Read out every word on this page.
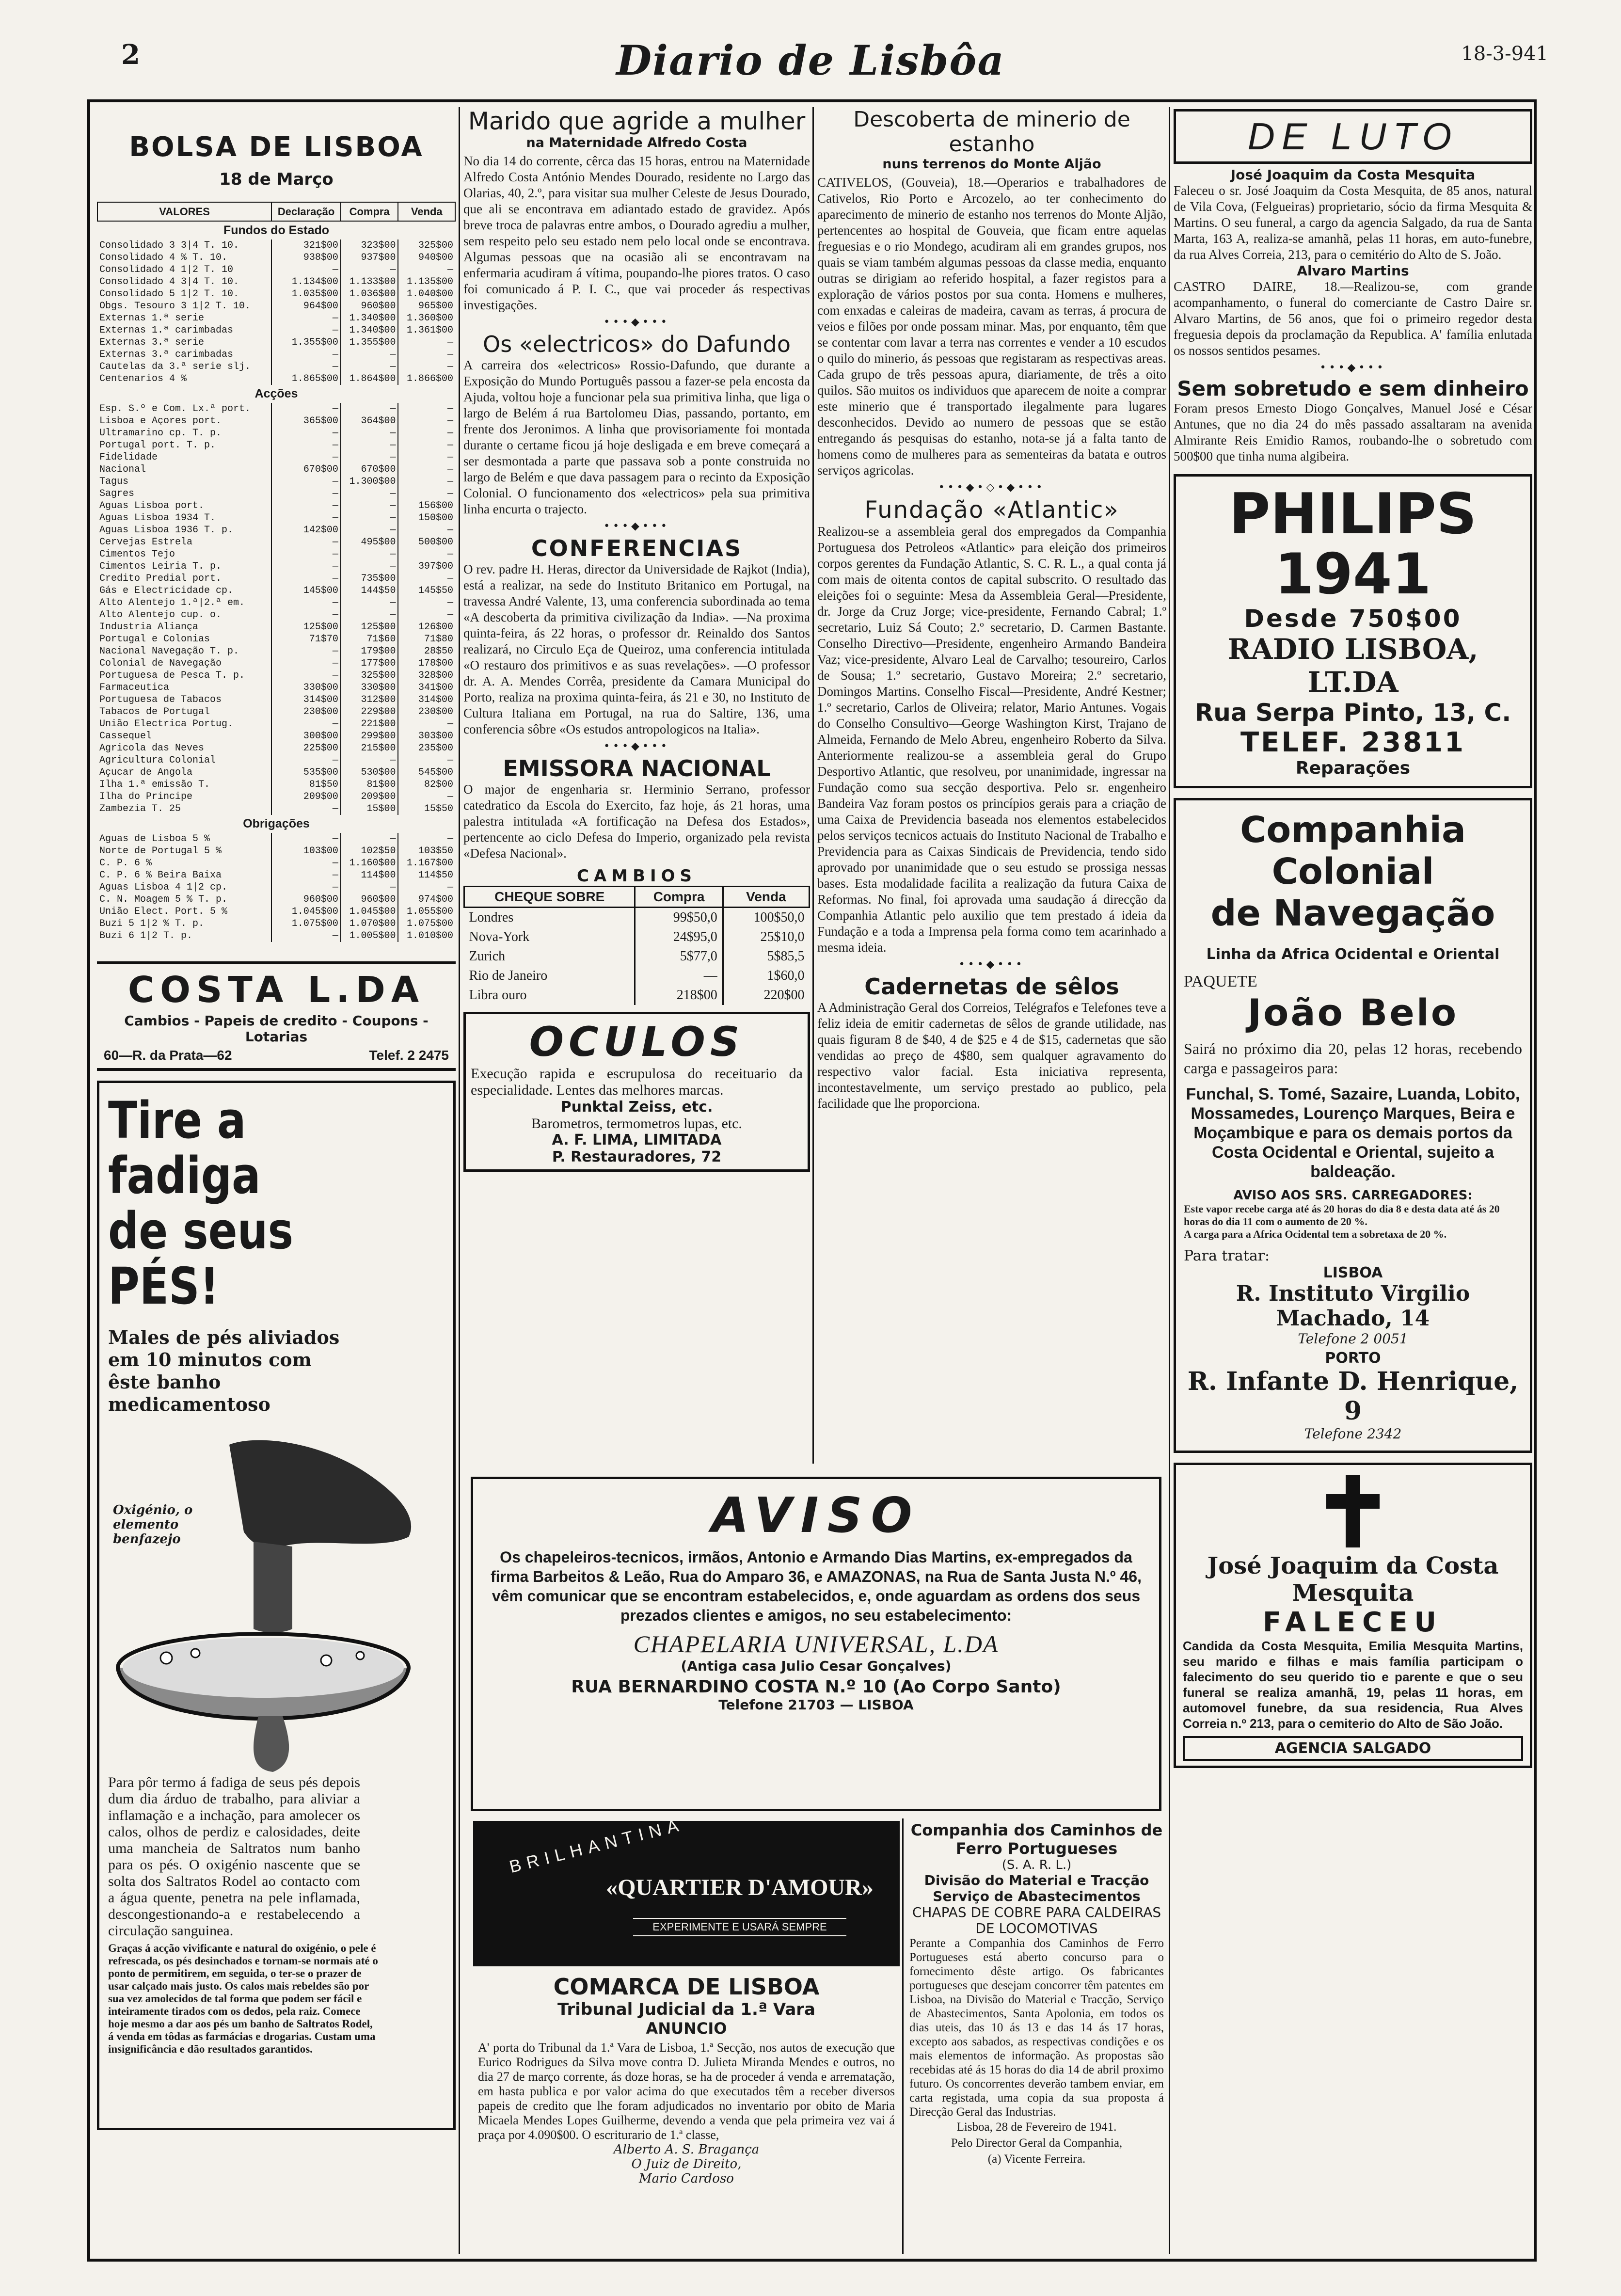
2	Diario de Lisbôa	18-3-941
BOLSA DE LISBOA
18 de Março
VALORES	Declaração	Compra	Venda
Fundos do Estado			
Consolidado 3 3|4 T. 10.	321$00	323$00	325$00
Consolidado 4 % T. 10.	938$00	937$00	940$00
Consolidado 4 1|2 T. 10	—	—	—
Consolidado 4 3|4 T. 10.	1.134$00	1.133$00	1.135$00
Consolidado 5 1|2 T. 10.	1.035$00	1.036$00	1.040$00
Obgs. Tesouro 3 1|2 T. 10.	964$00	960$00	965$00
Externas 1.ª serie	—	1.340$00	1.360$00
Externas 1.ª carimbadas	—	1.340$00	1.361$00
Externas 3.ª serie	1.355$00	1.355$00	—
Externas 3.ª carimbadas	—	—	—
Cautelas da 3.ª serie slj.	—	—	—
Centenarios 4 %	1.865$00	1.864$00	1.866$00
Acções			
Esp. S.º e Com. Lx.ª port.	—	—	—
Lisboa e Açores port.	365$00	364$00	—
Ultramarino cp. T. p.	—	—	—
Portugal port. T. p.	—	—	—
Fidelidade	—	—	—
Nacional	670$00	670$00	—
Tagus	—	1.300$00	—
Sagres	—	—	—
Aguas Lisboa port.	—	—	156$00
Aguas Lisboa 1934 T.	—	—	150$00
Aguas Lisboa 1936 T. p.	142$00	—	—
Cervejas Estrela	—	495$00	500$00
Cimentos Tejo	—	—	—
Cimentos Leiria T. p.	—	—	397$00
Credito Predial port.	—	735$00	—
Gás e Electricidade cp.	145$00	144$50	145$50
Alto Alentejo 1.ª|2.ª em.	—	—	—
Alto Alentejo cup. o.	—	—	—
Industria Aliança	125$00	125$00	126$00
Portugal e Colonias	71$70	71$60	71$80
Nacional Navegação T. p.	—	179$00	28$50
Colonial de Navegação	—	177$00	178$00
Portuguesa de Pesca T. p.	—	325$00	328$00
Farmaceutica	330$00	330$00	341$00
Portuguesa de Tabacos	314$00	312$00	314$00
Tabacos de Portugal	230$00	229$00	230$00
União Electrica Portug.	—	221$00	—
Cassequel	300$00	299$00	303$00
Agricola das Neves	225$00	215$00	235$00
Agricultura Colonial	—	—	—
Açucar de Angola	535$00	530$00	545$00
Ilha 1.ª emissão T.	81$50	81$00	82$00
Ilha do Principe	209$00	209$00	—
Zambezia T. 25	—	15$00	15$50
Obrigações			
Aguas de Lisboa 5 %	—	—	—
Norte de Portugal 5 %	103$00	102$50	103$50
C. P. 6 %	—	1.160$00	1.167$00
C. P. 6 % Beira Baixa	—	114$00	114$50
Aguas Lisboa 4 1|2 cp.	—	—	—
C. N. Moagem 5 % T. p.	960$00	960$00	974$00
União Elect. Port. 5 %	1.045$00	1.045$00	1.055$00
Buzi 5 1|2 % T. p.	1.075$00	1.070$00	1.075$00
Buzi 6 1|2 T. p.	—	1.005$00	1.010$00
COSTA L.DA
Cambios - Papeis de credito - Coupons - Lotarias
60—R. da Prata—62	Telef. 2 2475
Tire a fadiga
de seus PÉS!
Males de pés aliviados em 10 minutos com êste banho medicamentoso
Oxigénio, o elemento benfazejo
Para pôr termo á fadiga de seus pés depois dum dia árduo de trabalho, para aliviar a inflamação e a inchação, para amolecer os calos, olhos de perdiz e calosidades, deite uma mancheia de Saltratos num banho para os pés. O oxigénio nascente que se solta dos Saltratos Rodel ao contacto com a água quente, penetra na pele inflamada, descongestionando-a e restabelecendo a circulação sanguinea.
Graças á acção vivificante e natural do oxigénio, o pele é refrescada, os pés desinchados e tornam-se normais até o ponto de permitirem, em seguida, o ter-se o prazer de usar calçado mais justo. Os calos mais rebeldes são por sua vez amolecidos de tal forma que podem ser fácil e inteiramente tirados com os dedos, pela raiz. Comece hoje mesmo a dar aos pés um banho de Saltratos Rodel, á venda em tôdas as farmácias e drogarias. Custam uma insignificância e dão resultados garantidos.
Marido que agride a mulher
na Maternidade Alfredo Costa
No dia 14 do corrente, cêrca das 15 horas, entrou na Maternidade Alfredo Costa António Mendes Dourado, residente no Largo das Olarias, 40, 2.º, para visitar sua mulher Celeste de Jesus Dourado, que ali se encontrava em adiantado estado de gravidez. Após breve troca de palavras entre ambos, o Dourado agrediu a mulher, sem respeito pelo seu estado nem pelo local onde se encontrava. Algumas pessoas que na ocasião ali se encontravam na enfermaria acudiram á vítima, poupando-lhe piores tratos. O caso foi comunicado á P. I. C., que vai proceder ás respectivas investigações.
•••◆•••
Os «electricos» do Dafundo
A carreira dos «electricos» Rossio-Dafundo, que durante a Exposição do Mundo Português passou a fazer-se pela encosta da Ajuda, voltou hoje a funcionar pela sua primitiva linha, que liga o largo de Belém á rua Bartolomeu Dias, passando, portanto, em frente dos Jeronimos. A linha que provisoriamente foi montada durante o certame ficou já hoje desligada e em breve começará a ser desmontada a parte que passava sob a ponte construida no largo de Belém e que dava passagem para o recinto da Exposição Colonial. O funcionamento dos «electricos» pela sua primitiva linha encurta o trajecto.
•••◆•••
CONFERENCIAS
O rev. padre H. Heras, director da Universidade de Rajkot (India), está a realizar, na sede do Instituto Britanico em Portugal, na travessa André Valente, 13, uma conferencia subordinada ao tema «A descoberta da primitiva civilização da India». —Na proxima quinta-feira, ás 22 horas, o professor dr. Reinaldo dos Santos realizará, no Circulo Eça de Queiroz, uma conferencia intitulada «O restauro dos primitivos e as suas revelações». —O professor dr. A. A. Mendes Corrêa, presidente da Camara Municipal do Porto, realiza na proxima quinta-feira, ás 21 e 30, no Instituto de Cultura Italiana em Portugal, na rua do Saltire, 136, uma conferencia sôbre «Os estudos antropologicos na Italia».
•••◆•••
EMISSORA NACIONAL
O major de engenharia sr. Herminio Serrano, professor catedratico da Escola do Exercito, faz hoje, ás 21 horas, uma palestra intitulada «A fortificação na Defesa dos Estados», pertencente ao ciclo Defesa do Imperio, organizado pela revista «Defesa Nacional».
CAMBIOS
CHEQUE SOBRE	Compra	Venda
Londres	99$50,0	100$50,0
Nova-York	24$95,0	25$10,0
Zurich	5$77,0	5$85,5
Rio de Janeiro	—	1$60,0
Libra ouro	218$00	220$00
OCULOS
Execução rapida e escrupulosa do receituario da especialidade. Lentes das melhores marcas.
Punktal Zeiss, etc.
Barometros, termometros lupas, etc.
A. F. LIMA, LIMITADA
P. Restauradores, 72
Descoberta de minerio de estanho
nuns terrenos do Monte Aljão
CATIVELOS, (Gouveia), 18.—Operarios e trabalhadores de Cativelos, Rio Porto e Arcozelo, ao ter conhecimento do aparecimento de minerio de estanho nos terrenos do Monte Aljão, pertencentes ao hospital de Gouveia, que ficam entre aquelas freguesias e o rio Mondego, acudiram ali em grandes grupos, nos quais se viam também algumas pessoas da classe media, enquanto outras se dirigiam ao referido hospital, a fazer registos para a exploração de vários postos por sua conta. Homens e mulheres, com enxadas e caleiras de madeira, cavam as terras, á procura de veios e filões por onde possam minar. Mas, por enquanto, têm que se contentar com lavar a terra nas correntes e vender a 10 escudos o quilo do minerio, ás pessoas que registaram as respectivas areas. Cada grupo de três pessoas apura, diariamente, de três a oito quilos. São muitos os individuos que aparecem de noite a comprar este minerio que é transportado ilegalmente para lugares desconhecidos. Devido ao numero de pessoas que se estão entregando ás pesquisas do estanho, nota-se já a falta tanto de homens como de mulheres para as sementeiras da batata e outros serviços agricolas.
•••◆•◇•◆•••
Fundação «Atlantic»
Realizou-se a assembleia geral dos empregados da Companhia Portuguesa dos Petroleos «Atlantic» para eleição dos primeiros corpos gerentes da Fundação Atlantic, S. C. R. L., a qual conta já com mais de oitenta contos de capital subscrito. O resultado das eleições foi o seguinte: Mesa da Assembleia Geral—Presidente, dr. Jorge da Cruz Jorge; vice-presidente, Fernando Cabral; 1.º secretario, Luiz Sá Couto; 2.º secretario, D. Carmen Bastante. Conselho Directivo—Presidente, engenheiro Armando Bandeira Vaz; vice-presidente, Alvaro Leal de Carvalho; tesoureiro, Carlos de Sousa; 1.º secretario, Gustavo Moreira; 2.º secretario, Domingos Martins. Conselho Fiscal—Presidente, André Kestner; 1.º secretario, Carlos de Oliveira; relator, Mario Antunes. Vogais do Conselho Consultivo—George Washington Kirst, Trajano de Almeida, Fernando de Melo Abreu, engenheiro Roberto da Silva. Anteriormente realizou-se a assembleia geral do Grupo Desportivo Atlantic, que resolveu, por unanimidade, ingressar na Fundação como sua secção desportiva. Pelo sr. engenheiro Bandeira Vaz foram postos os princípios gerais para a criação de uma Caixa de Previdencia baseada nos elementos estabelecidos pelos serviços tecnicos actuais do Instituto Nacional de Trabalho e Previdencia para as Caixas Sindicais de Previdencia, tendo sido aprovado por unanimidade que o seu estudo se prossiga nessas bases. Esta modalidade facilita a realização da futura Caixa de Reformas. No final, foi aprovada uma saudação á direcção da Companhia Atlantic pelo auxilio que tem prestado á ideia da Fundação e a toda a Imprensa pela forma como tem acarinhado a mesma ideia.
•••◆•••
Cadernetas de sêlos
A Administração Geral dos Correios, Telégrafos e Telefones teve a feliz ideia de emitir cadernetas de sêlos de grande utilidade, nas quais figuram 8 de $40, 4 de $25 e 4 de $15, cadernetas que são vendidas ao preço de 4$80, sem qualquer agravamento do respectivo valor facial. Esta iniciativa representa, incontestavelmente, um serviço prestado ao publico, pela facilidade que lhe proporciona.
AVISO
Os chapeleiros-tecnicos, irmãos, Antonio e Armando Dias Martins, ex-empregados da firma Barbeitos & Leão, Rua do Amparo 36, e AMAZONAS, na Rua de Santa Justa N.º 46, vêm comunicar que se encontram estabelecidos, e, onde aguardam as ordens dos seus prezados clientes e amigos, no seu estabelecimento:
CHAPELARIA UNIVERSAL, L.DA
(Antiga casa Julio Cesar Gonçalves)
RUA BERNARDINO COSTA N.º 10 (Ao Corpo Santo)
Telefone 21703 — LISBOA
BRILHANTINA
«QUARTIER D'AMOUR»
EXPERIMENTE E USARÁ SEMPRE
COMARCA DE LISBOA
Tribunal Judicial da 1.ª Vara
ANUNCIO
A' porta do Tribunal da 1.ª Vara de Lisboa, 1.ª Secção, nos autos de execução que Eurico Rodrigues da Silva move contra D. Julieta Miranda Mendes e outros, no dia 27 de março corrente, ás doze horas, se ha de proceder á venda e arrematação, em hasta publica e por valor acima do que executados têm a receber diversos papeis de credito que lhe foram adjudicados no inventario por obito de Maria Micaela Mendes Lopes Guilherme, devendo a venda que pela primeira vez vai á praça por 4.090$00. O escriturario de 1.ª classe,
Alberto A. S. Bragança
O Juiz de Direito,
Mario Cardoso
Companhia dos Caminhos de Ferro Portugueses
(S. A. R. L.)
Divisão do Material e Tracção Serviço de Abastecimentos
CHAPAS DE COBRE PARA CALDEIRAS DE LOCOMOTIVAS
Perante a Companhia dos Caminhos de Ferro Portugueses está aberto concurso para o fornecimento dêste artigo. Os fabricantes portugueses que desejam concorrer têm patentes em Lisboa, na Divisão do Material e Tracção, Serviço de Abastecimentos, Santa Apolonia, em todos os dias uteis, das 10 ás 13 e das 14 ás 17 horas, excepto aos sabados, as respectivas condições e os mais elementos de informação. As propostas são recebidas até ás 15 horas do dia 14 de abril proximo futuro. Os concorrentes deverão tambem enviar, em carta registada, uma copia da sua proposta á Direcção Geral das Industrias.
Lisboa, 28 de Fevereiro de 1941.
Pelo Director Geral da Companhia,
(a) Vicente Ferreira.
DE LUTO
José Joaquim da Costa Mesquita
Faleceu o sr. José Joaquim da Costa Mesquita, de 85 anos, natural de Vila Cova, (Felgueiras) proprietario, sócio da firma Mesquita & Martins. O seu funeral, a cargo da agencia Salgado, da rua de Santa Marta, 163 A, realiza-se amanhã, pelas 11 horas, em auto-funebre, da rua Alves Correia, 213, para o cemitério do Alto de S. João.
Alvaro Martins
CASTRO DAIRE, 18.—Realizou-se, com grande acompanhamento, o funeral do comerciante de Castro Daire sr. Alvaro Martins, de 56 anos, que foi o primeiro regedor desta freguesia depois da proclamação da Republica. A' família enlutada os nossos sentidos pesames.
•••◆•••
Sem sobretudo e sem dinheiro
Foram presos Ernesto Diogo Gonçalves, Manuel José e César Antunes, que no dia 24 do mês passado assaltaram na avenida Almirante Reis Emidio Ramos, roubando-lhe o sobretudo com 500$00 que tinha numa algibeira.
PHILIPS 1941
Desde 750$00
RADIO LISBOA, LT.DA
Rua Serpa Pinto, 13, C.
TELEF. 23811
Reparações
Companhia Colonial
de Navegação
Linha da Africa Ocidental e Oriental
PAQUETE
João Belo
Sairá no próximo dia 20, pelas 12 horas, recebendo carga e passageiros para:
Funchal, S. Tomé, Sazaire, Luanda, Lobito, Mossamedes, Lourenço Marques, Beira e Moçambique e para os demais portos da Costa Ocidental e Oriental, sujeito a baldeação.
AVISO AOS SRS. CARREGADORES:
Este vapor recebe carga até ás 20 horas do dia 8 e desta data até ás 20 horas do dia 11 com o aumento de 20 %.
A carga para a Africa Ocidental tem a sobretaxa de 20 %.
Para tratar:
LISBOA
R. Instituto Virgilio Machado, 14
Telefone 2 0051
PORTO
R. Infante D. Henrique, 9
Telefone 2342
José Joaquim da Costa Mesquita
FALECEU
Candida da Costa Mesquita, Emilia Mesquita Martins, seu marido e filhas e mais família participam o falecimento do seu querido tio e parente e que o seu funeral se realiza amanhã, 19, pelas 11 horas, em automovel funebre, da sua residencia, Rua Alves Correia n.º 213, para o cemiterio do Alto de São João.
AGENCIA SALGADO
